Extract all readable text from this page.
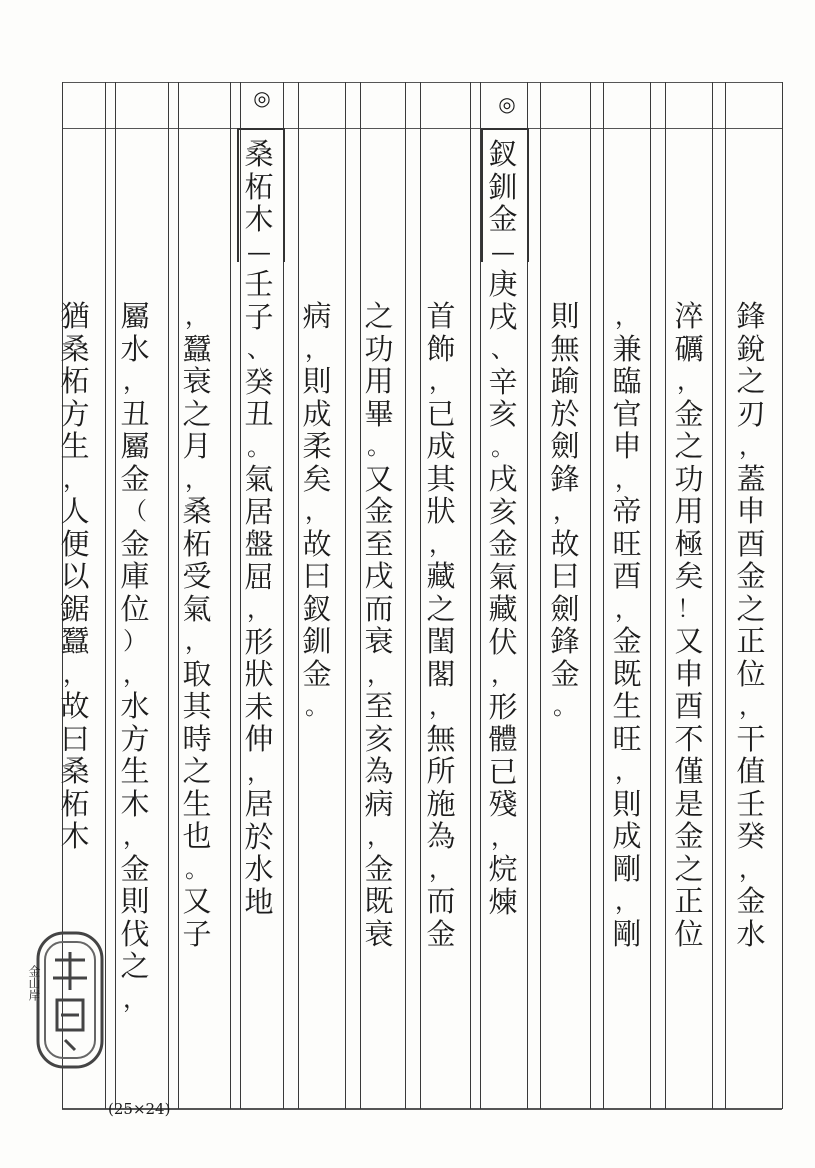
◎
◎
鋒
銳
之
刃
，
蓋
申
酉
金
之
正
位
，
干
值
壬
癸
，
金
水
淬
礪
，
金
之
功
用
極
矣
！
又
申
酉
不
僅
是
金
之
正
位
，
兼
臨
官
申
，
帝
旺
酉
，
金
既
生
旺
，
則
成
剛
，
剛
則
無
踰
於
劍
鋒
，
故
曰
劍
鋒
金
。
釵
釧
金
—
庚
戌
、
辛
亥
。
戌
亥
金
氣
藏
伏
，
形
體
已
殘
，
烷
煉
首
飾
，
已
成
其
狀
，
藏
之
閨
閣
，
無
所
施
為
，
而
金
之
功
用
畢
。
又
金
至
戌
而
衰
，
至
亥
為
病
，
金
既
衰
病
，
則
成
柔
矣
，
故
曰
釵
釧
金
。
桑
柘
木
—
壬
子
、
癸
丑
。
氣
居
盤
屈
，
形
狀
未
伸
，
居
於
水
地
，
蠶
衰
之
月
，
桑
柘
受
氣
，
取
其
時
之
生
也
。
又
子
屬
水
，
丑
屬
金
（
金
庫
位
）
，
水
方
生
木
，
金
則
伐
之
，
猶
桑
柘
方
生
，
人
便
以
鋸
蠶
，
故
曰
桑
柘
木
金山岸
(25×24)
